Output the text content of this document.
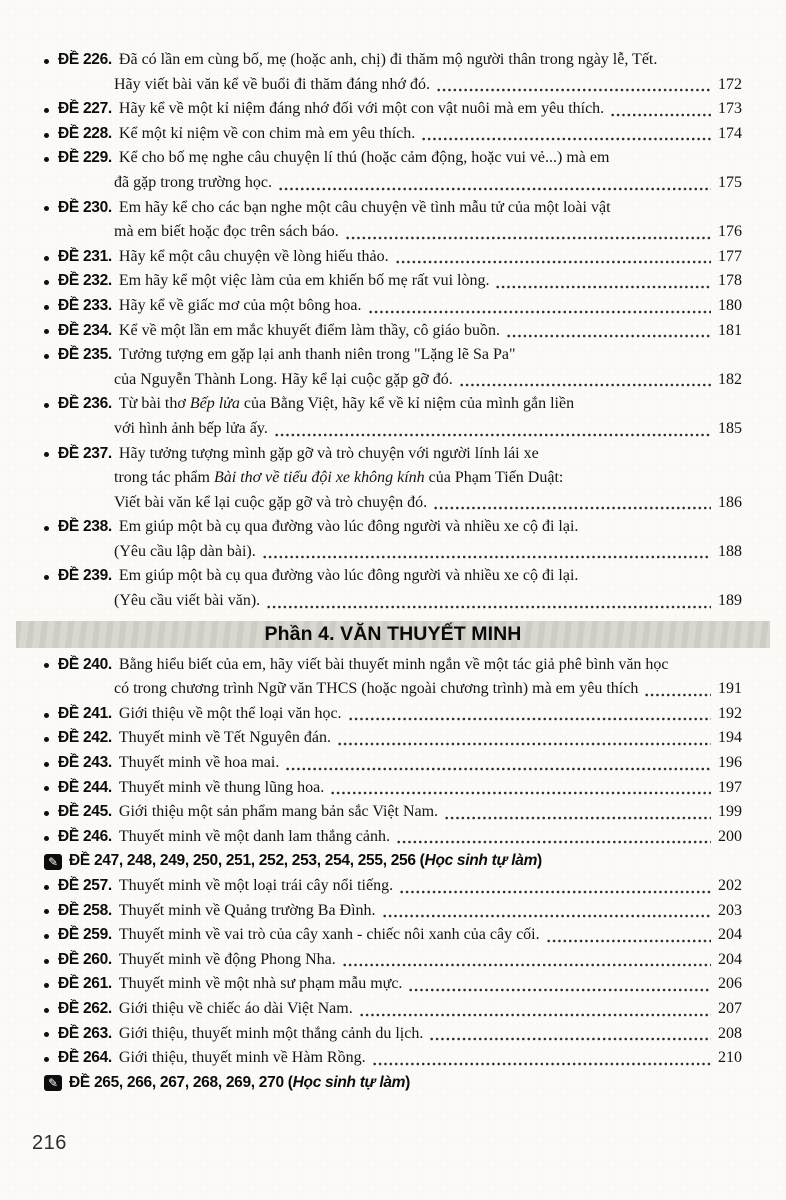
ĐỀ 226. Đã có lần em cùng bố, mẹ (hoặc anh, chị) đi thăm mộ người thân trong ngày lễ, Tết.
Hãy viết bài văn kể về buổi đi thăm đáng nhớ đó.	172
ĐỀ 227. Hãy kể về một kỉ niệm đáng nhớ đối với một con vật nuôi mà em yêu thích.	173
ĐỀ 228. Kể một kỉ niệm về con chim mà em yêu thích.	174
ĐỀ 229. Kể cho bố mẹ nghe câu chuyện lí thú (hoặc cảm động, hoặc vui vẻ...) mà em
đã gặp trong trường học.	175
ĐỀ 230. Em hãy kể cho các bạn nghe một câu chuyện về tình mẫu tử của một loài vật
mà em biết hoặc đọc trên sách báo.	176
ĐỀ 231. Hãy kể một câu chuyện về lòng hiếu thảo.	177
ĐỀ 232. Em hãy kể một việc làm của em khiến bố mẹ rất vui lòng.	178
ĐỀ 233. Hãy kể về giấc mơ của một bông hoa.	180
ĐỀ 234. Kể về một lần em mắc khuyết điểm làm thầy, cô giáo buồn.	181
ĐỀ 235. Tưởng tượng em gặp lại anh thanh niên trong "Lặng lẽ Sa Pa"
của Nguyễn Thành Long. Hãy kể lại cuộc gặp gỡ đó.	182
ĐỀ 236. Từ bài thơ Bếp lửa của Bằng Việt, hãy kể về kỉ niệm của mình gắn liền
với hình ảnh bếp lửa ấy.	185
ĐỀ 237. Hãy tưởng tượng mình gặp gỡ và trò chuyện với người lính lái xe
trong tác phẩm Bài thơ về tiểu đội xe không kính của Phạm Tiến Duật:
Viết bài văn kể lại cuộc gặp gỡ và trò chuyện đó.	186
ĐỀ 238. Em giúp một bà cụ qua đường vào lúc đông người và nhiều xe cộ đi lại.
(Yêu cầu lập dàn bài).	188
ĐỀ 239. Em giúp một bà cụ qua đường vào lúc đông người và nhiều xe cộ đi lại.
(Yêu cầu viết bài văn).	189
Phần 4. VĂN THUYẾT MINH
ĐỀ 240. Bằng hiểu biết của em, hãy viết bài thuyết minh ngắn về một tác giả phê bình văn học
có trong chương trình Ngữ văn THCS (hoặc ngoài chương trình) mà em yêu thích	191
ĐỀ 241. Giới thiệu về một thể loại văn học.	192
ĐỀ 242. Thuyết minh về Tết Nguyên đán.	194
ĐỀ 243. Thuyết minh về hoa mai.	196
ĐỀ 244. Thuyết minh về thung lũng hoa.	197
ĐỀ 245. Giới thiệu một sản phẩm mang bản sắc Việt Nam.	199
ĐỀ 246. Thuyết minh về một danh lam thắng cảnh.	200
✎ ĐỀ 247, 248, 249, 250, 251, 252, 253, 254, 255, 256 (Học sinh tự làm)
ĐỀ 257. Thuyết minh về một loại trái cây nổi tiếng.	202
ĐỀ 258. Thuyết minh về Quảng trường Ba Đình.	203
ĐỀ 259. Thuyết minh về vai trò của cây xanh - chiếc nôi xanh của cây cối.	204
ĐỀ 260. Thuyết minh về động Phong Nha.	204
ĐỀ 261. Thuyết minh về một nhà sư phạm mẫu mực.	206
ĐỀ 262. Giới thiệu về chiếc áo dài Việt Nam.	207
ĐỀ 263. Giới thiệu, thuyết minh một thắng cảnh du lịch.	208
ĐỀ 264. Giới thiệu, thuyết minh về Hàm Rồng.	210
✎ ĐỀ 265, 266, 267, 268, 269, 270 (Học sinh tự làm)
216
